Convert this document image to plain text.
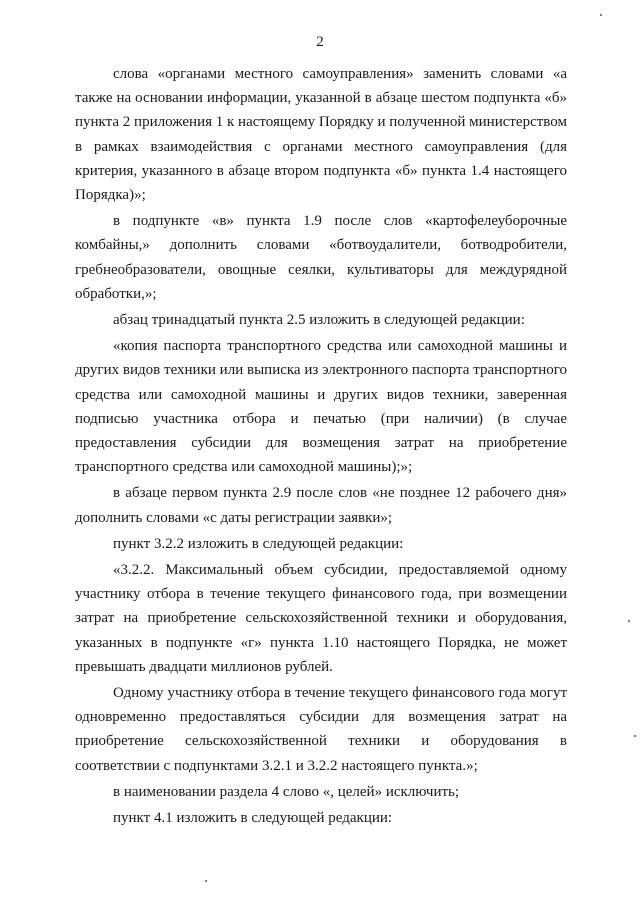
2

слова «органами местного самоуправления» заменить словами «а также на основании информации, указанной в абзаце шестом подпункта «б» пункта 2 приложения 1 к настоящему Порядку и полученной министерством в рамках взаимодействия с органами местного самоуправления (для критерия, указанного в абзаце втором подпункта «б» пункта 1.4 настоящего Порядка)»;

в подпункте «в» пункта 1.9 после слов «картофелеуборочные комбайны,» дополнить словами «ботвоудалители, ботводробители, гребнеобразователи, овощные сеялки, культиваторы для междурядной обработки,»;

абзац тринадцатый пункта 2.5 изложить в следующей редакции:

«копия паспорта транспортного средства или самоходной машины и других видов техники или выписка из электронного паспорта транспортного средства или самоходной машины и других видов техники, заверенная подписью участника отбора и печатью (при наличии) (в случае предоставления субсидии для возмещения затрат на приобретение транспортного средства или самоходной машины);»;

в абзаце первом пункта 2.9 после слов «не позднее 12 рабочего дня» дополнить словами «с даты регистрации заявки»;

пункт 3.2.2 изложить в следующей редакции:

«3.2.2. Максимальный объем субсидии, предоставляемой одному участнику отбора в течение текущего финансового года, при возмещении затрат на приобретение сельскохозяйственной техники и оборудования, указанных в подпункте «г» пункта 1.10 настоящего Порядка, не может превышать двадцати миллионов рублей.

Одному участнику отбора в течение текущего финансового года могут одновременно предоставляться субсидии для возмещения затрат на приобретение сельскохозяйственной техники и оборудования в соответствии с подпунктами 3.2.1 и 3.2.2 настоящего пункта.»;

в наименовании раздела 4 слово «, целей» исключить;

пункт 4.1 изложить в следующей редакции:
